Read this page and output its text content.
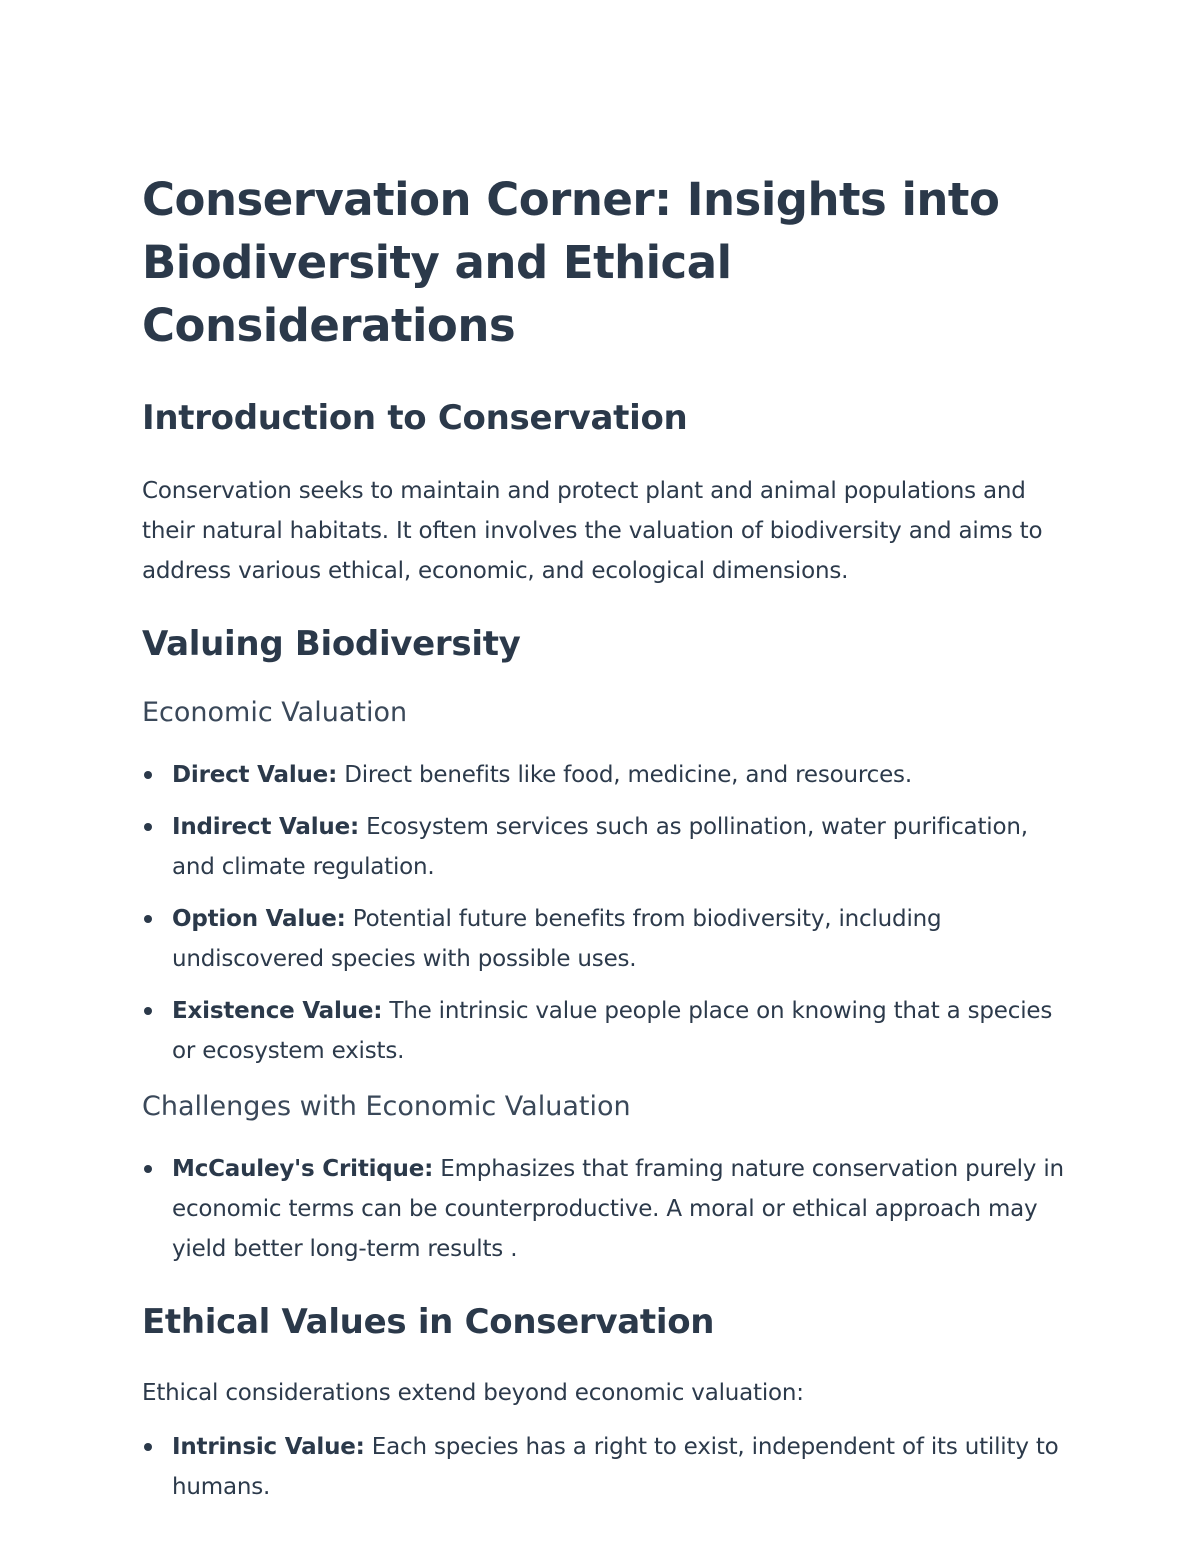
Conservation Corner: Insights into Biodiversity and Ethical Considerations
Introduction to Conservation

Conservation seeks to maintain and protect plant and animal populations and their natural habitats. It often involves the valuation of biodiversity and aims to address various ethical, economic, and ecological dimensions.

Valuing Biodiversity
Economic Valuation
Direct Value: Direct benefits like food, medicine, and resources.
Indirect Value: Ecosystem services such as pollination, water purification, and climate regulation.
Option Value: Potential future benefits from biodiversity, including undiscovered species with possible uses.
Existence Value: The intrinsic value people place on knowing that a species or ecosystem exists.
Challenges with Economic Valuation
McCauley's Critique: Emphasizes that framing nature conservation purely in economic terms can be counterproductive. A moral or ethical approach may yield better long-term results .
Ethical Values in Conservation

Ethical considerations extend beyond economic valuation:

Intrinsic Value: Each species has a right to exist, independent of its utility to humans.
